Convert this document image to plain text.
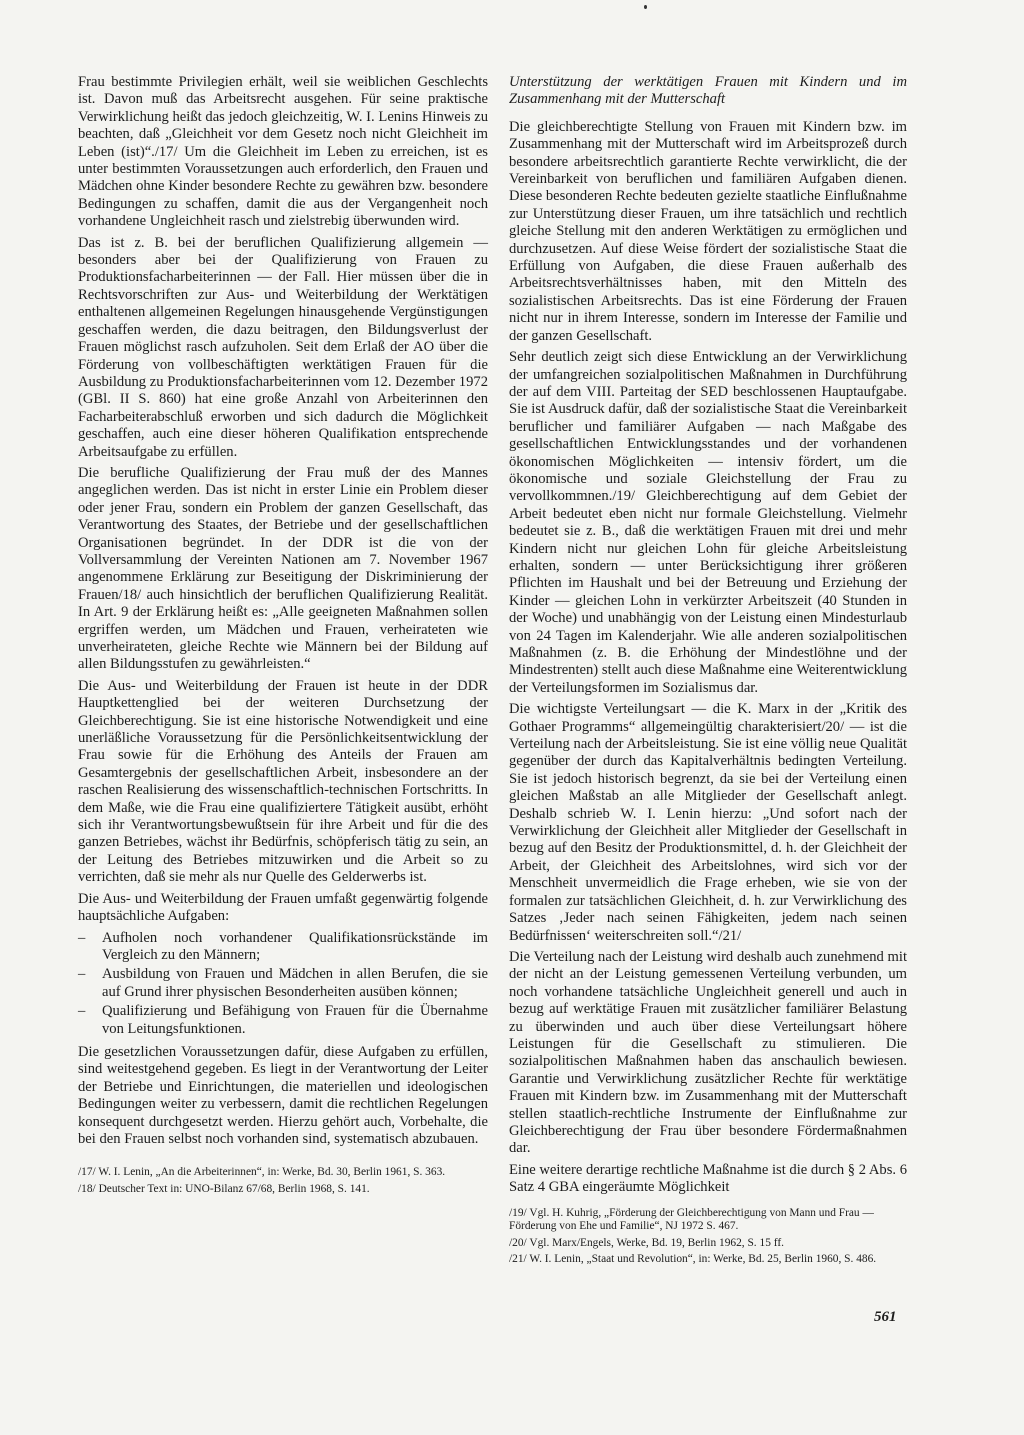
Frau bestimmte Privilegien erhält, weil sie weiblichen Geschlechts ist. Davon muß das Arbeitsrecht ausgehen. Für seine praktische Verwirklichung heißt das jedoch gleichzeitig, W. I. Lenins Hinweis zu beachten, daß „Gleichheit vor dem Gesetz noch nicht Gleichheit im Leben (ist)“./17/ Um die Gleichheit im Leben zu erreichen, ist es unter bestimmten Voraussetzungen auch erforderlich, den Frauen und Mädchen ohne Kinder besondere Rechte zu gewähren bzw. besondere Bedingungen zu schaffen, damit die aus der Vergangenheit noch vorhandene Ungleichheit rasch und zielstrebig überwunden wird.

Das ist z. B. bei der beruflichen Qualifizierung allgemein — besonders aber bei der Qualifizierung von Frauen zu Produktionsfacharbeiterinnen — der Fall. Hier müssen über die in Rechtsvorschriften zur Aus- und Weiterbildung der Werktätigen enthaltenen allgemeinen Regelungen hinausgehende Vergünstigungen geschaffen werden, die dazu beitragen, den Bildungsverlust der Frauen möglichst rasch aufzuholen. Seit dem Erlaß der AO über die Förderung von vollbeschäftigten werktätigen Frauen für die Ausbildung zu Produktionsfacharbeiterinnen vom 12. Dezember 1972 (GBl. II S. 860) hat eine große Anzahl von Arbeiterinnen den Facharbeiterabschluß erworben und sich dadurch die Möglichkeit geschaffen, auch eine dieser höheren Qualifikation entsprechende Arbeitsaufgabe zu erfüllen.

Die berufliche Qualifizierung der Frau muß der des Mannes angeglichen werden. Das ist nicht in erster Linie ein Problem dieser oder jener Frau, sondern ein Problem der ganzen Gesellschaft, das Verantwortung des Staates, der Betriebe und der gesellschaftlichen Organisationen begründet. In der DDR ist die von der Vollversammlung der Vereinten Nationen am 7. November 1967 angenommene Erklärung zur Beseitigung der Diskriminierung der Frauen/18/ auch hinsichtlich der beruflichen Qualifizierung Realität. In Art. 9 der Erklärung heißt es: „Alle geeigneten Maßnahmen sollen ergriffen werden, um Mädchen und Frauen, verheirateten wie unverheirateten, gleiche Rechte wie Männern bei der Bildung auf allen Bildungsstufen zu gewährleisten.“

Die Aus- und Weiterbildung der Frauen ist heute in der DDR Hauptkettenglied bei der weiteren Durchsetzung der Gleichberechtigung. Sie ist eine historische Notwendigkeit und eine unerläßliche Voraussetzung für die Persönlichkeitsentwicklung der Frau sowie für die Erhöhung des Anteils der Frauen am Gesamtergebnis der gesellschaftlichen Arbeit, insbesondere an der raschen Realisierung des wissenschaftlich-technischen Fortschritts. In dem Maße, wie die Frau eine qualifiziertere Tätigkeit ausübt, erhöht sich ihr Verantwortungsbewußtsein für ihre Arbeit und für die des ganzen Betriebes, wächst ihr Bedürfnis, schöpferisch tätig zu sein, an der Leitung des Betriebes mitzuwirken und die Arbeit so zu verrichten, daß sie mehr als nur Quelle des Gelderwerbs ist.

Die Aus- und Weiterbildung der Frauen umfaßt gegenwärtig folgende hauptsächliche Aufgaben:

– Aufholen noch vorhandener Qualifikationsrückstände im Vergleich zu den Männern;
– Ausbildung von Frauen und Mädchen in allen Berufen, die sie auf Grund ihrer physischen Besonderheiten ausüben können;
– Qualifizierung und Befähigung von Frauen für die Übernahme von Leitungsfunktionen.

Die gesetzlichen Voraussetzungen dafür, diese Aufgaben zu erfüllen, sind weitestgehend gegeben. Es liegt in der Verantwortung der Leiter der Betriebe und Einrichtungen, die materiellen und ideologischen Bedingungen weiter zu verbessern, damit die rechtlichen Regelungen konsequent durchgesetzt werden. Hierzu gehört auch, Vorbehalte, die bei den Frauen selbst noch vorhanden sind, systematisch abzubauen.

/17/ W. I. Lenin, „An die Arbeiterinnen“, in: Werke, Bd. 30, Berlin 1961, S. 363.

/18/ Deutscher Text in: UNO-Bilanz 67/68, Berlin 1968, S. 141.

Unterstützung der werktätigen Frauen mit Kindern und im Zusammenhang mit der Mutterschaft

Die gleichberechtigte Stellung von Frauen mit Kindern bzw. im Zusammenhang mit der Mutterschaft wird im Arbeitsprozeß durch besondere arbeitsrechtlich garantierte Rechte verwirklicht, die der Vereinbarkeit von beruflichen und familiären Aufgaben dienen. Diese besonderen Rechte bedeuten gezielte staatliche Einflußnahme zur Unterstützung dieser Frauen, um ihre tatsächlich und rechtlich gleiche Stellung mit den anderen Werktätigen zu ermöglichen und durchzusetzen. Auf diese Weise fördert der sozialistische Staat die Erfüllung von Aufgaben, die diese Frauen außerhalb des Arbeitsrechtsverhältnisses haben, mit den Mitteln des sozialistischen Arbeitsrechts. Das ist eine Förderung der Frauen nicht nur in ihrem Interesse, sondern im Interesse der Familie und der ganzen Gesellschaft.

Sehr deutlich zeigt sich diese Entwicklung an der Verwirklichung der umfangreichen sozialpolitischen Maßnahmen in Durchführung der auf dem VIII. Parteitag der SED beschlossenen Hauptaufgabe. Sie ist Ausdruck dafür, daß der sozialistische Staat die Vereinbarkeit beruflicher und familiärer Aufgaben — nach Maßgabe des gesellschaftlichen Entwicklungsstandes und der vorhandenen ökonomischen Möglichkeiten — intensiv fördert, um die ökonomische und soziale Gleichstellung der Frau zu vervollkommnen./19/ Gleichberechtigung auf dem Gebiet der Arbeit bedeutet eben nicht nur formale Gleichstellung. Vielmehr bedeutet sie z. B., daß die werktätigen Frauen mit drei und mehr Kindern nicht nur gleichen Lohn für gleiche Arbeitsleistung erhalten, sondern — unter Berücksichtigung ihrer größeren Pflichten im Haushalt und bei der Betreuung und Erziehung der Kinder — gleichen Lohn in verkürzter Arbeitszeit (40 Stunden in der Woche) und unabhängig von der Leistung einen Mindesturlaub von 24 Tagen im Kalenderjahr. Wie alle anderen sozialpolitischen Maßnahmen (z. B. die Erhöhung der Mindestlöhne und der Mindestrenten) stellt auch diese Maßnahme eine Weiterentwicklung der Verteilungsformen im Sozialismus dar.

Die wichtigste Verteilungsart — die K. Marx in der „Kritik des Gothaer Programms“ allgemeingültig charakterisiert/20/ — ist die Verteilung nach der Arbeitsleistung. Sie ist eine völlig neue Qualität gegenüber der durch das Kapitalverhältnis bedingten Verteilung. Sie ist jedoch historisch begrenzt, da sie bei der Verteilung einen gleichen Maßstab an alle Mitglieder der Gesellschaft anlegt. Deshalb schrieb W. I. Lenin hierzu: „Und sofort nach der Verwirklichung der Gleichheit aller Mitglieder der Gesellschaft in bezug auf den Besitz der Produktionsmittel, d. h. der Gleichheit der Arbeit, der Gleichheit des Arbeitslohnes, wird sich vor der Menschheit unvermeidlich die Frage erheben, wie sie von der formalen zur tatsächlichen Gleichheit, d. h. zur Verwirklichung des Satzes ‚Jeder nach seinen Fähigkeiten, jedem nach seinen Bedürfnissen‘ weiterschreiten soll.“/21/

Die Verteilung nach der Leistung wird deshalb auch zunehmend mit der nicht an der Leistung gemessenen Verteilung verbunden, um noch vorhandene tatsächliche Ungleichheit generell und auch in bezug auf werktätige Frauen mit zusätzlicher familiärer Belastung zu überwinden und auch über diese Verteilungsart höhere Leistungen für die Gesellschaft zu stimulieren. Die sozialpolitischen Maßnahmen haben das anschaulich bewiesen. Garantie und Verwirklichung zusätzlicher Rechte für werktätige Frauen mit Kindern bzw. im Zusammenhang mit der Mutterschaft stellen staatlich-rechtliche Instrumente der Einflußnahme zur Gleichberechtigung der Frau über besondere Fördermaßnahmen dar.

Eine weitere derartige rechtliche Maßnahme ist die durch § 2 Abs. 6 Satz 4 GBA eingeräumte Möglichkeit

/19/ Vgl. H. Kuhrig, „Förderung der Gleichberechtigung von Mann und Frau — Förderung von Ehe und Familie“, NJ 1972 S. 467.

/20/ Vgl. Marx/Engels, Werke, Bd. 19, Berlin 1962, S. 15 ff.

/21/ W. I. Lenin, „Staat und Revolution“, in: Werke, Bd. 25, Berlin 1960, S. 486.

561
